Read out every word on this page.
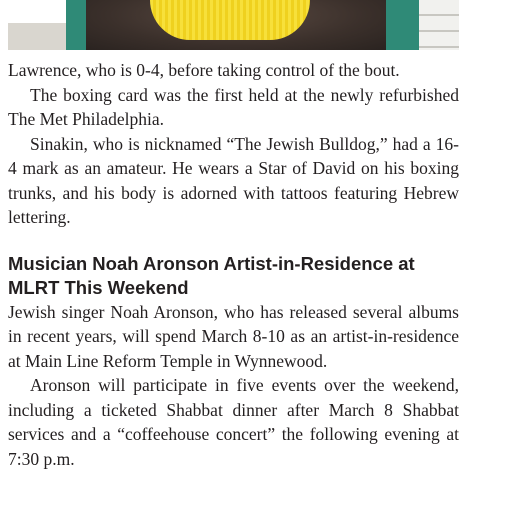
Lawrence, who is 0-4, before taking control of the bout.

The boxing card was the first held at the newly refurbished The Met Philadelphia.

Sinakin, who is nicknamed “The Jewish Bulldog,” had a 16-4 mark as an amateur. He wears a Star of David on his boxing trunks, and his body is adorned with tattoos featuring Hebrew lettering.

Musician Noah Aronson Artist-in-Residence at MLRT This Weekend

Jewish singer Noah Aronson, who has released several albums in recent years, will spend March 8-10 as an artist-in-residence at Main Line Reform Temple in Wynnewood.

Aronson will participate in five events over the weekend, including a ticketed Shabbat dinner after March 8 Shabbat services and a “coffeehouse concert” the following evening at 7:30 p.m.
